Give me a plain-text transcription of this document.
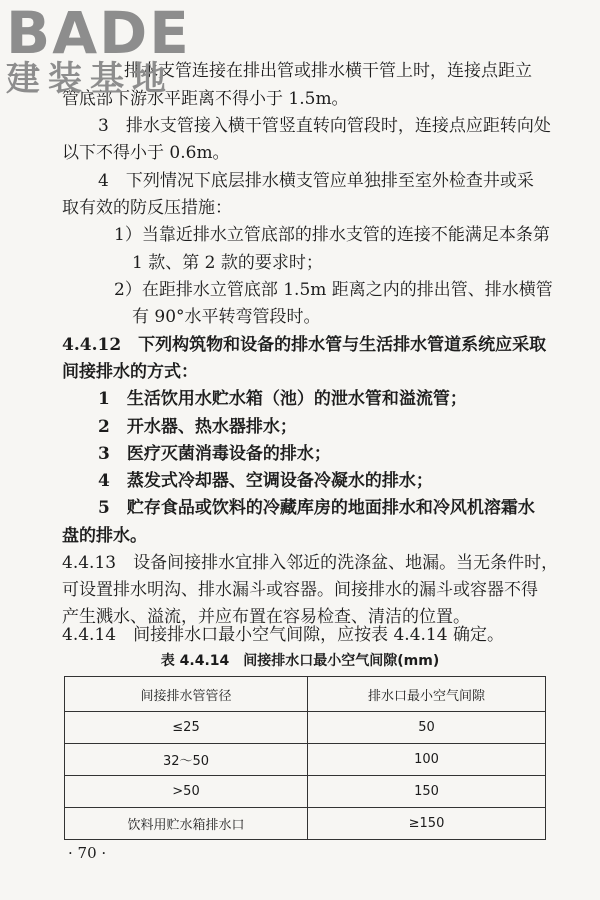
BADE
建装基地
排水支管连接在排出管或排水横干管上时，连接点距立
管底部下游水平距离不得小于 1.5m。
3　排水支管接入横干管竖直转向管段时，连接点应距转向处
以下不得小于 0.6m。
4　下列情况下底层排水横支管应单独排至室外检查井或采
取有效的防反压措施：
1）当靠近排水立管底部的排水支管的连接不能满足本条第
1 款、第 2 款的要求时；
2）在距排水立管底部 1.5m 距离之内的排出管、排水横管
有 90°水平转弯管段时。
4.4.12　下列构筑物和设备的排水管与生活排水管道系统应采取
间接排水的方式：
1　生活饮用水贮水箱（池）的泄水管和溢流管；
2　开水器、热水器排水；
3　医疗灭菌消毒设备的排水；
4　蒸发式冷却器、空调设备冷凝水的排水；
5　贮存食品或饮料的冷藏库房的地面排水和冷风机溶霜水
盘的排水。
4.4.13　设备间接排水宜排入邻近的洗涤盆、地漏。当无条件时，
可设置排水明沟、排水漏斗或容器。间接排水的漏斗或容器不得
产生溅水、溢流，并应布置在容易检查、清洁的位置。
4.4.14　间接排水口最小空气间隙，应按表 4.4.14 确定。
表 4.4.14　间接排水口最小空气间隙(mm)
间接排水管管径	排水口最小空气间隙
≤25	50
32～50	100
>50	150
饮料用贮水箱排水口	≥150
· 70 ·
